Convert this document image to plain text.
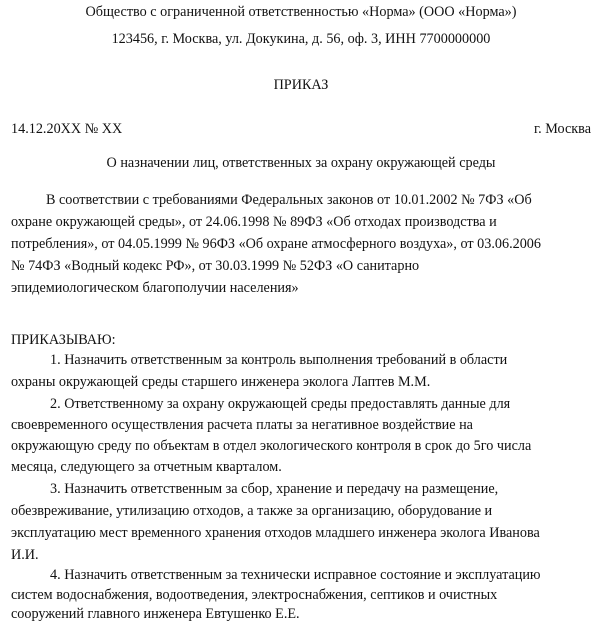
Общество с ограниченной ответственностью «Норма» (ООО «Норма»)
123456, г. Москва, ул. Докукина, д. 56, оф. 3, ИНН 7700000000
ПРИКАЗ
14.12.20XX № XX	г. Москва
О назначении лиц, ответственных за охрану окружающей среды
В соответствии с требованиями Федеральных законов от 10.01.2002 № 7ФЗ «Об
охране окружающей среды», от 24.06.1998 № 89ФЗ «Об отходах производства и
потребления», от 04.05.1999 № 96ФЗ «Об охране атмосферного воздуха», от 03.06.2006
№ 74ФЗ «Водный кодекс РФ», от 30.03.1999 № 52ФЗ «О санитарно
эпидемиологическом благополучии населения»
ПРИКАЗЫВАЮ:
1. Назначить ответственным за контроль выполнения требований в области
охраны окружающей среды старшего инженера эколога Лаптев М.М.
2. Ответственному за охрану окружающей среды предоставлять данные для
своевременного осуществления расчета платы за негативное воздействие на
окружающую среду по объектам в отдел экологического контроля в срок до 5го числа
месяца, следующего за отчетным кварталом.
3. Назначить ответственным за сбор, хранение и передачу на размещение,
обезвреживание, утилизацию отходов, а также за организацию, оборудование и
эксплуатацию мест временного хранения отходов младшего инженера эколога Иванова
И.И.
4. Назначить ответственным за технически исправное состояние и эксплуатацию
систем водоснабжения, водоотведения, электроснабжения, септиков и очистных
сооружений главного инженера Евтушенко Е.Е.
